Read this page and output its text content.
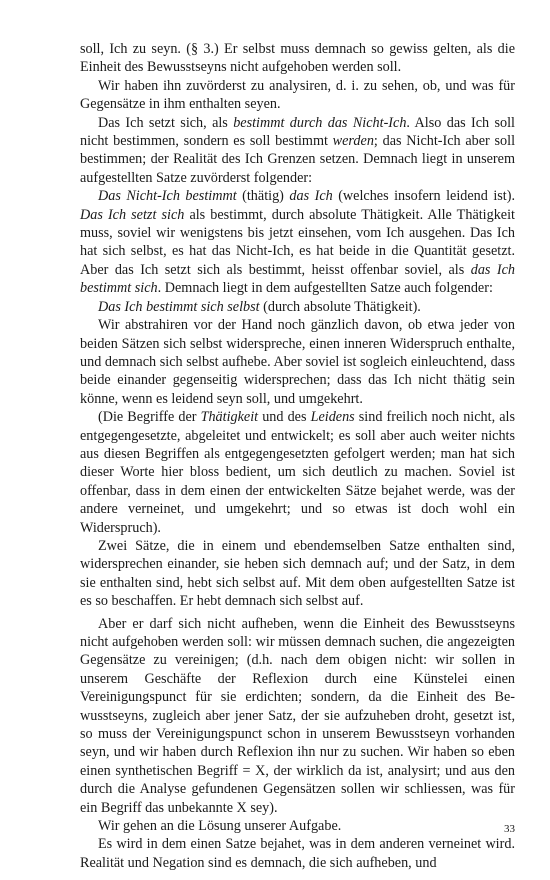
soll, Ich zu seyn. (§ 3.) Er selbst muss demnach so gewiss gelten, als die Einheit des Bewusstseyns nicht aufgehoben werden soll.

Wir haben ihn zuvörderst zu analysiren, d. i. zu sehen, ob, und was für Gegensätze in ihm enthalten seyen.

Das Ich setzt sich, als bestimmt durch das Nicht-Ich. Also das Ich soll nicht bestimmen, sondern es soll bestimmt werden; das Nicht-Ich aber soll bestimmen; der Realität des Ich Grenzen setzen. Demnach liegt in unserem aufgestellten Satze zuvörderst folgender:

Das Nicht-Ich bestimmt (thätig) das Ich (welches insofern leidend ist). Das Ich setzt sich als bestimmt, durch absolute Thätigkeit. Alle Thätigkeit muss, soviel wir wenigstens bis jetzt einsehen, vom Ich ausgehen. Das Ich hat sich selbst, es hat das Nicht-Ich, es hat beide in die Quantität gesetzt. Aber das Ich setzt sich als bestimmt, heisst offenbar soviel, als das Ich bestimmt sich. Demnach liegt in dem aufgestellten Satze auch folgender:

Das Ich bestimmt sich selbst (durch absolute Thätigkeit).

Wir abstrahiren vor der Hand noch gänzlich davon, ob etwa jeder von beiden Sätzen sich selbst widerspreche, einen inneren Widerspruch enthalte, und demnach sich selbst aufhebe. Aber soviel ist sogleich einleuchtend, dass beide einander gegenseitig widersprechen; dass das Ich nicht thätig sein könne, wenn es leidend seyn soll, und umgekehrt.

(Die Begriffe der Thätigkeit und des Leidens sind freilich noch nicht, als entgegengesetzte, abgeleitet und entwickelt; es soll aber auch weiter nichts aus diesen Begriffen als entgegengesetzten gefolgert werden; man hat sich dieser Worte hier bloss bedient, um sich deutlich zu machen. Soviel ist offenbar, dass in dem einen der entwickelten Sätze bejahet werde, was der andere verneinet, und umgekehrt; und so etwas ist doch wohl ein Widerspruch).

Zwei Sätze, die in einem und ebendemselben Satze enthalten sind, widersprechen einander, sie heben sich demnach auf; und der Satz, in dem sie enthalten sind, hebt sich selbst auf. Mit dem oben aufgestellten Satze ist es so beschaffen. Er hebt demnach sich selbst auf.

Aber er darf sich nicht aufheben, wenn die Einheit des Bewusstseyns nicht aufgehoben werden soll: wir müssen demnach suchen, die angezeigten Gegensätze zu vereinigen; (d.h. nach dem obigen nicht: wir sollen in unserem Geschäfte der Reflexion durch eine Künstelei einen Vereinigungspunct für sie erdichten; sondern, da die Einheit des Bewusstseyns, zugleich aber jener Satz, der sie aufzuheben droht, gesetzt ist, so muss der Vereinigungspunct schon in unserem Bewusstseyn vorhanden seyn, und wir haben durch Reflexion ihn nur zu suchen. Wir haben so eben einen synthetischen Begriff = X, der wirklich da ist, analysirt; und aus den durch die Analyse gefundenen Gegensätzen sollen wir schliessen, was für ein Begriff das unbekannte X sey).

Wir gehen an die Lösung unserer Aufgabe.

Es wird in dem einen Satze bejahet, was in dem anderen verneinet wird. Realität und Negation sind es demnach, die sich aufheben, und

33
